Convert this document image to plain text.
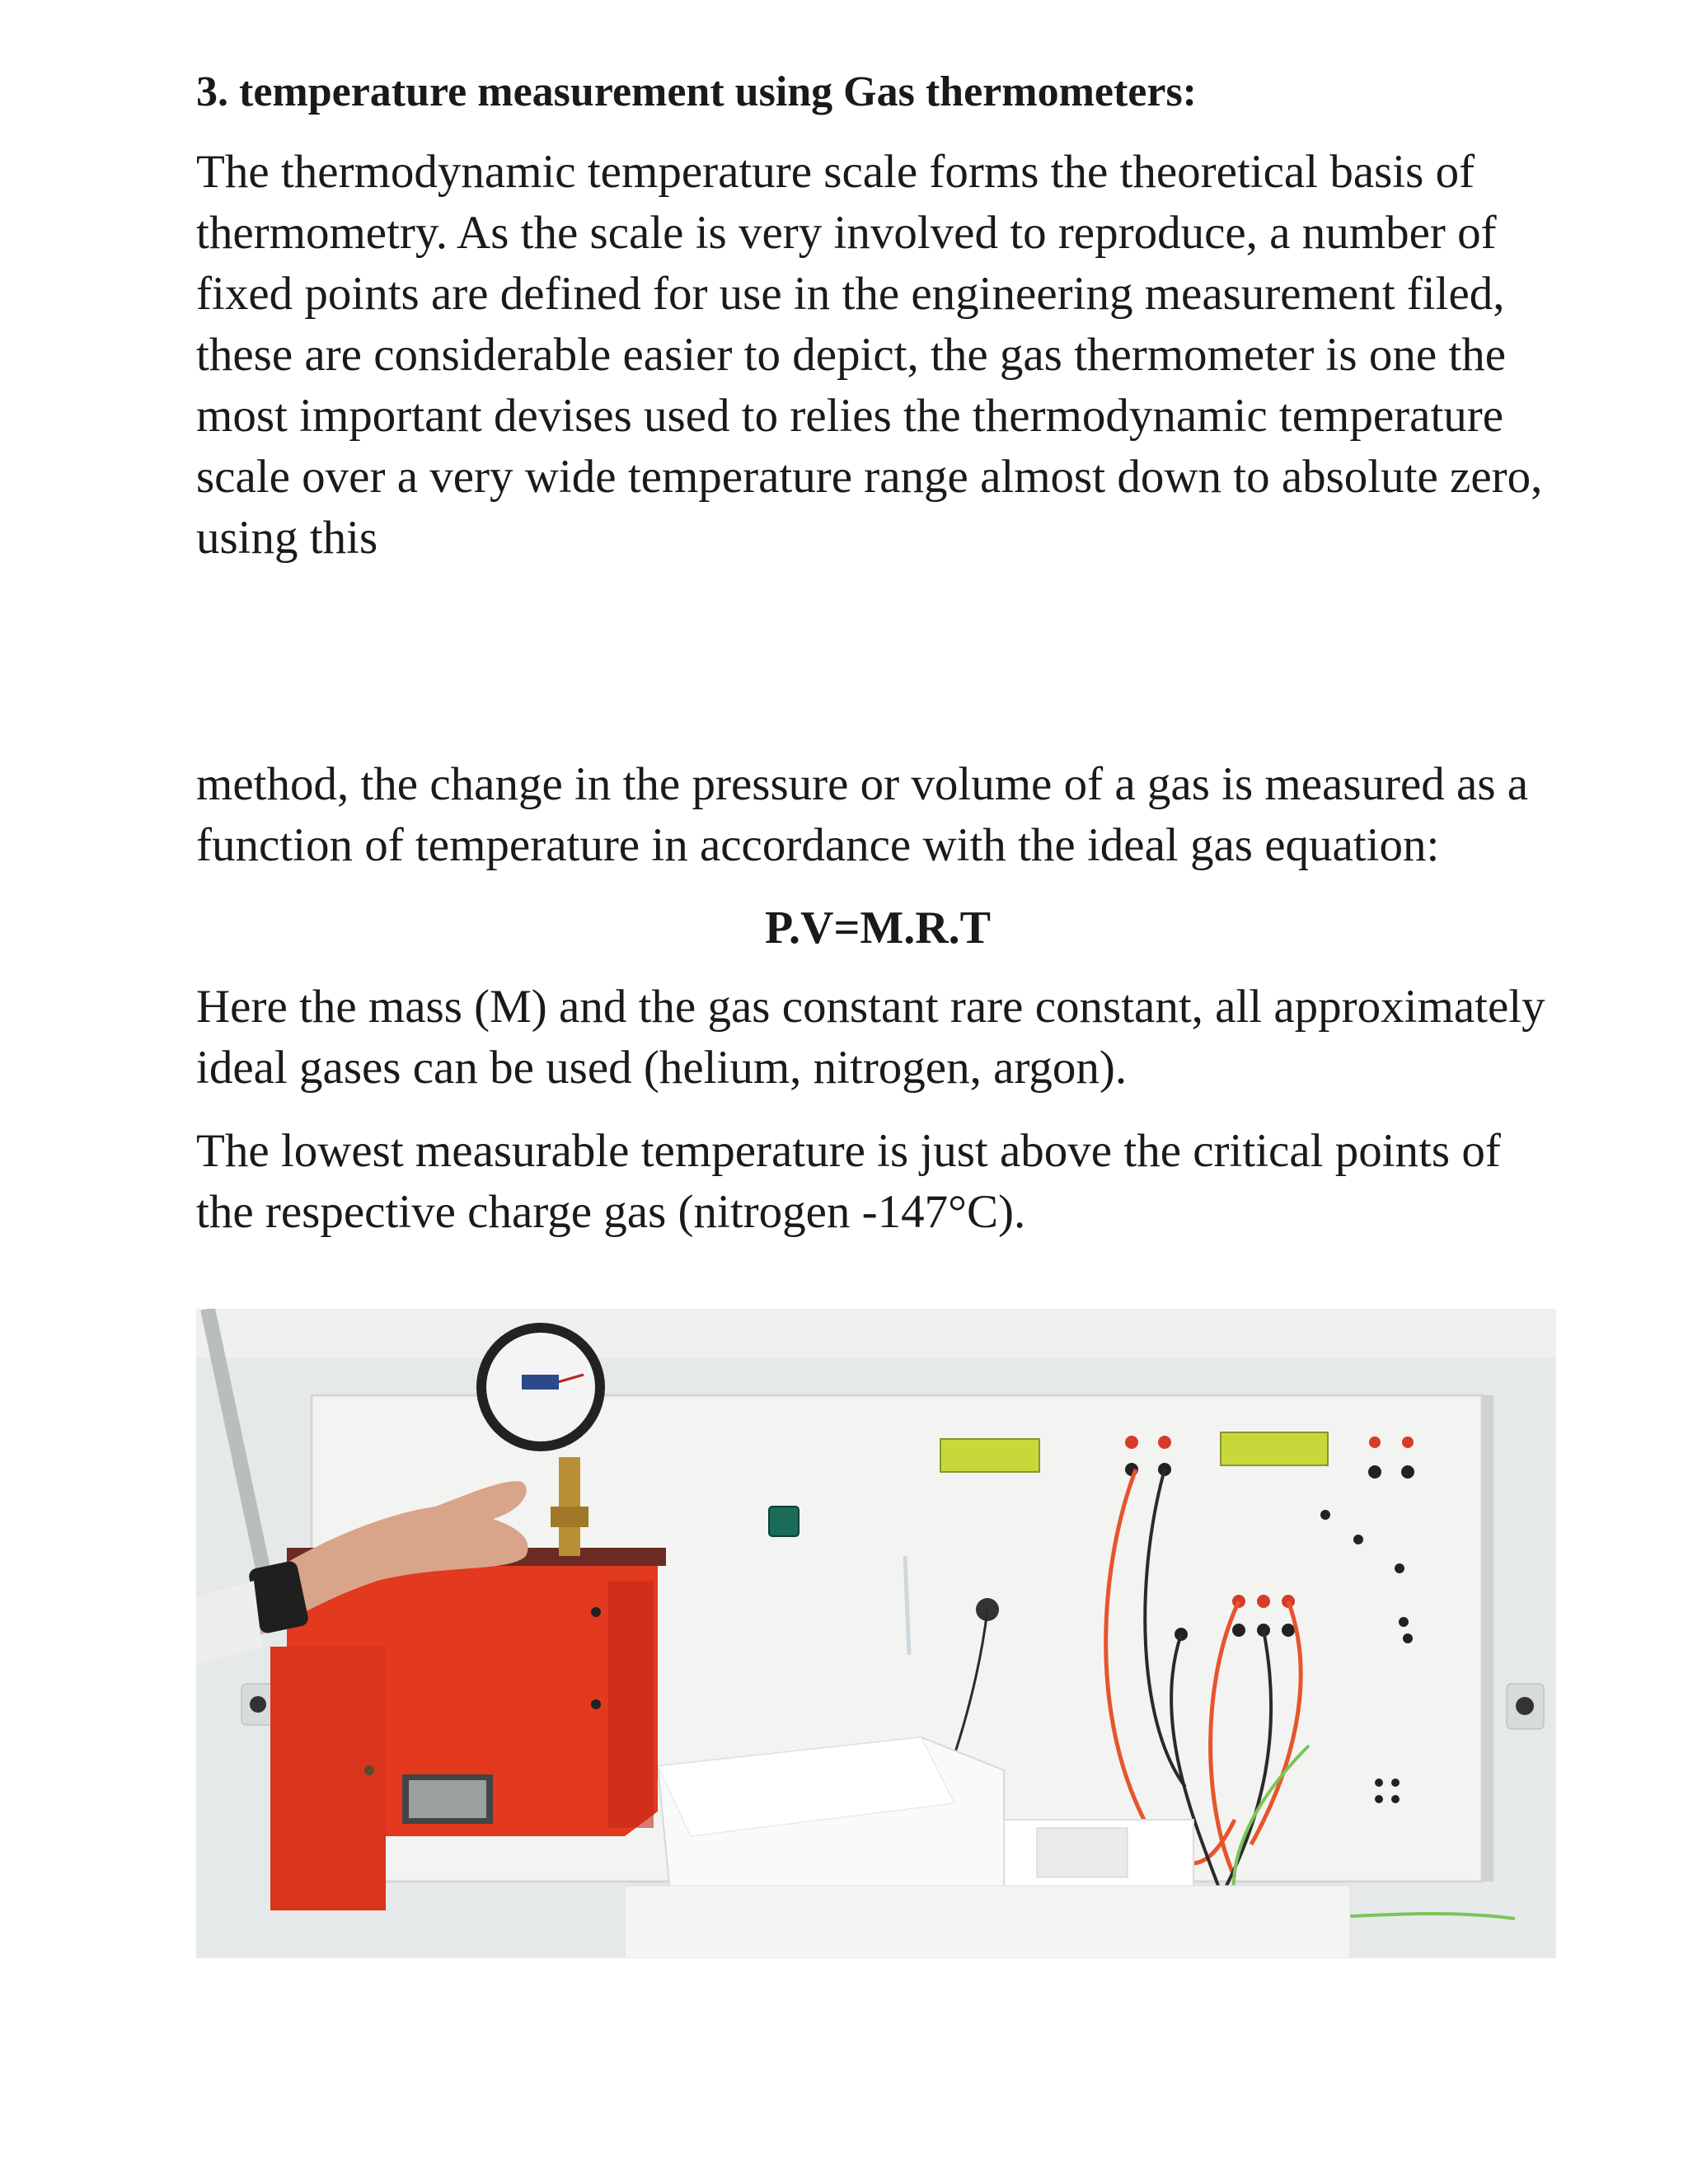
3. temperature measurement using Gas thermometers:

The thermodynamic temperature scale forms the theoretical basis of thermometry. As the scale is very involved to reproduce, a number of fixed points are defined for use in the engineering measurement filed, these are considerable easier to depict, the gas thermometer is one the most important devises used to relies the thermodynamic temperature scale over a very wide temperature range almost down to absolute zero, using this

method, the change in the pressure or volume of a gas is measured as a function of temperature in accordance with the ideal gas equation:

P.V=M.R.T

Here the mass (M) and the gas constant rare constant, all approximately ideal gases can be used (helium, nitrogen, argon).

The lowest measurable temperature is just above the critical points of the respective charge gas (nitrogen -147°C).
